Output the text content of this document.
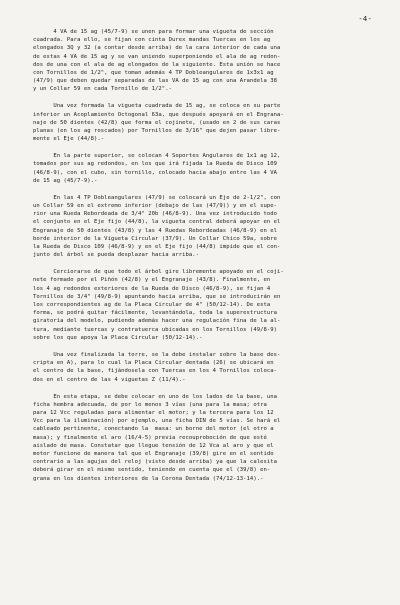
-4-

4 VA de 15 ag (45/7-9) se unen para formar una vigueta de sección
cuadrada. Para ello, se fijan con cinta Durex mandas Tuercas en los ag
elongados 3Q y 32 (a contar desde arriba) de la cara interior de cada una
de estas 4 VA de 15 ag y se van uniendo superponiendo el ala de ag redon-
dos de una con el ala de ag elongados de la siguiente. Esta unión se hace
con Tornillos de 1/2", que toman además 4 TP Dobleangulares de 1x3x1 ag
(47/9) que deben quedar separadas de las VA de 15 ag con una Arandela 38
y un Collar 59 en cada Tornillo de 1/2".-

Una vez formada la vigueta cuadrada de 15 ag, se coloca en su parte
inferior un Acoplamiento Octogonal 63a, que después apoyará en el Engrana-
naje de 50 dientes (42/8) que forma el cojinete, (usado en 2 de sus caras
planas (en los ag roscados) por Tornillos de 3/16" que dejen pasar libre-
mente el Eje (44/8).-

En la parte superior, se colocan 4 Soportes Angulares de 1x1 ag 12,
tomados por sus ag redondos, en los que irá fijada la Rueda de Disco 109
(46/8-9), con el cubo, sin tornillo, colocado hacia abajo entre las 4 VA
de 15 ag (45/7-9).-

En las 4 TP Dobleangulares (47/9) se colocará un Eje de 2-1/2", con
un Collar 59 en el extremo inferior (debajo de las (47/9)) y en el supe-
rior una Rueda Rebordeada de 3/4" 20b (46/8-9). Una vez introducido todo
el conjunto en el Eje fijo (44/8), la vigueta central deberá apoyar en el
Engranaje de 50 dientes (43/8) y las 4 Ruedas Rebordeadas (46/8-9) en el
borde interior de la Vigueta Circular (37/9). Un Collar Chico 59a, sobre
la Rueda de Disco 109 (46/8-9) y en el Eje fijo (44/8) impide que el con-
junto del árbol se pueda desplazar hacia arriba.-

Cerciorarse de que todo el árbol gire libremente apoyado en el coji-
nete formado por el Piñón (42/8) y el Engranaje (43/8). Finalmente, en
los 4 ag redondos exteriores de la Rueda de Disco (46/8-9), se fijan 4
Tornillos de 3/4" (49/8-9) apuntando hacia arriba, que se introducirán en
los correspondientes ag de la Placa Circular de 4" (50/12-14). De esta
forma, se podrá quitar fácilmente, levantándola, toda la superestructura
giratoria del modelo, pudiendo además hacer una regulación fina de la al-
tura, mediante tuercas y contratuerca ubicadas en los Tornillos (49/8-9)
sobre los que apoya la Placa Circular (50/12-14).-

Una vez finalizada la torre, se la debe instalar sobre la base des-
cripta en A), para lo cual la Placa Circular dentada (26) se ubicará en
el centro de la base, fijándosela con Tuercas en los 4 Tornillos coloca-
dos en el centro de las 4 viguetas Z (11/4).-

En esta etapa, se debe colocar en uno de los lados de la base, una
ficha hembra adecuada, de por lo menos 3 vías (una para la masa; otra
para 12 Vcc reguladas para alimentar el motor; y la tercera para los 12
Vcc para la iluminación) por ejemplo, una ficha DIN de 5 vías. Se hará el
cableado pertinente, conectando la  masa: un borne del motor (el otro a
masa); y finalmente el aro (16/4-5) previa recouproboción de que esté
aislado de masa. Constatar que llegue tensión de 12 Vca al aro y que el
motor funcione de manera tal que el Engranaje (39/8) gire en el sentido
contrario a las agujas del reloj (visto desde arriba) ya que la calesita
deberá girar en el mismo sentido, teniendo en cuenta que el (39/8) en-
grana en los dientes interiores de la Corona Dentada (74/12-13-14).-
